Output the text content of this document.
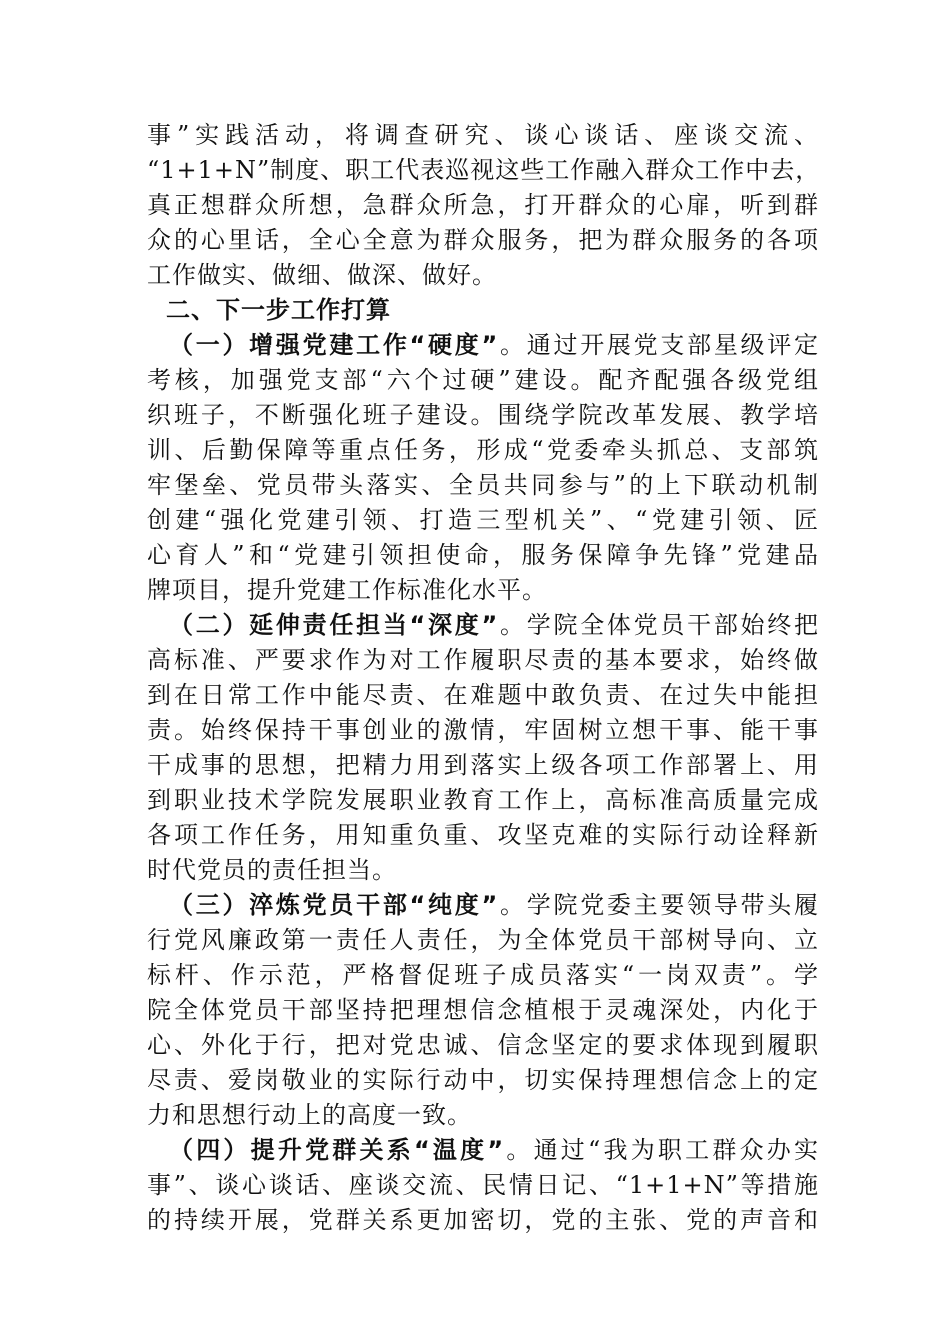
事”实践活动，将调查研究、谈心谈话、座谈交流、
“1+1+N”制度、职工代表巡视这些工作融入群众工作中去，
真正想群众所想，急群众所急，打开群众的心扉，听到群
众的心里话，全心全意为群众服务，把为群众服务的各项
工作做实、做细、做深、做好。
二、下一步工作打算
（一）增强党建工作“硬度”。通过开展党支部星级评定
考核，加强党支部“六个过硬”建设。配齐配强各级党组
织班子，不断强化班子建设。围绕学院改革发展、教学培
训、后勤保障等重点任务，形成“党委牵头抓总、支部筑
牢堡垒、党员带头落实、全员共同参与”的上下联动机制
创建“强化党建引领、打造三型机关”、“党建引领、匠
心育人”和“党建引领担使命，服务保障争先锋”党建品
牌项目，提升党建工作标准化水平。
（二）延伸责任担当“深度”。学院全体党员干部始终把
高标准、严要求作为对工作履职尽责的基本要求，始终做
到在日常工作中能尽责、在难题中敢负责、在过失中能担
责。始终保持干事创业的激情，牢固树立想干事、能干事
干成事的思想，把精力用到落实上级各项工作部署上、用
到职业技术学院发展职业教育工作上，高标准高质量完成
各项工作任务，用知重负重、攻坚克难的实际行动诠释新
时代党员的责任担当。
（三）淬炼党员干部“纯度”。学院党委主要领导带头履
行党风廉政第一责任人责任，为全体党员干部树导向、立
标杆、作示范，严格督促班子成员落实“一岗双责”。学
院全体党员干部坚持把理想信念植根于灵魂深处，内化于
心、外化于行，把对党忠诚、信念坚定的要求体现到履职
尽责、爱岗敬业的实际行动中，切实保持理想信念上的定
力和思想行动上的高度一致。
（四）提升党群关系“温度”。通过“我为职工群众办实
事”、谈心谈话、座谈交流、民情日记、“1+1+N”等措施
的持续开展，党群关系更加密切，党的主张、党的声音和
